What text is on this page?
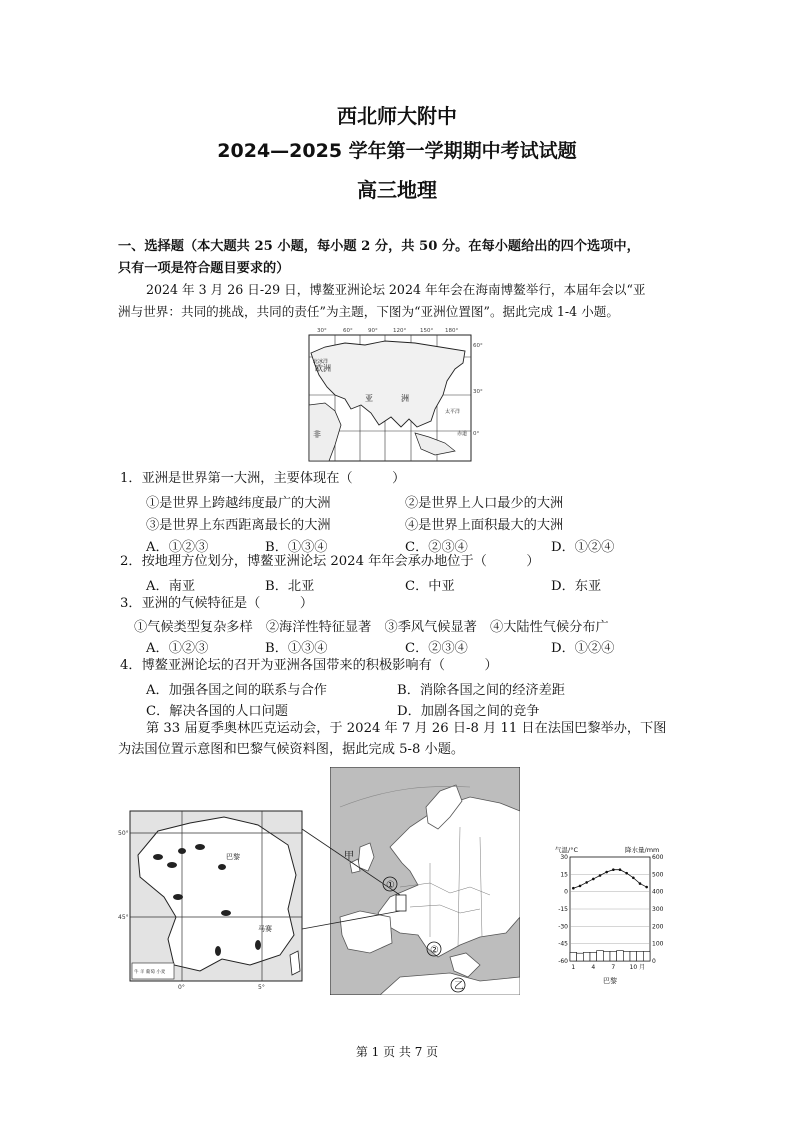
西北师大附中
2024—2025 学年第一学期期中考试试题
高三地理
一、选择题（本大题共 25 小题，每小题 2 分，共 50 分。在每小题给出的四个选项中，
只有一项是符合题目要求的）
2024 年 3 月 26 日-29 日，博鳌亚洲论坛 2024 年年会在海南博鳌举行，本届年会以“亚
洲与世界：共同的挑战，共同的责任”为主题，下图为“亚洲位置图”。据此完成 1-4 小题。
30°	60°	90°	120°	150° 180°
60°
30°
0°
欧洲
亚	洲
非
北冰洋
太平洋
赤道
1．亚洲是世界第一大洲，主要体现在（　　　）
①是世界上跨越纬度最广的大洲	②是世界上人口最少的大洲
③是世界上东西距离最长的大洲	④是世界上面积最大的大洲
A．①②③	B．①③④	C．②③④	D．①②④
2．按地理方位划分，博鳌亚洲论坛 2024 年年会承办地位于（　　　）
A．南亚	B．北亚	C．中亚	D．东亚
3．亚洲的气候特征是（　　　）
①气候类型复杂多样　②海洋性特征显著　③季风气候显著　④大陆性气候分布广
A．①②③	B．①③④	C．②③④	D．①②④
4．博鳌亚洲论坛的召开为亚洲各国带来的积极影响有（　　　）
A．加强各国之间的联系与合作	B．消除各国之间的经济差距
C．解决各国的人口问题	D．加剧各国之间的竞争
第 33 届夏季奥林匹克运动会，于 2024 年 7 月 26 日-8 月 11 日在法国巴黎举办，下图
为法国位置示意图和巴黎气候资料图，据此完成 5-8 小题。
50°
45°
0°	5°
巴黎
马赛
牛 羊 葡萄 小麦
甲
①
②
乙
气温/°C	降水量/mm
30
15
0
-15
-30
-45
-60
600
500
400
300
200
100
0
1	4	7 10 月
巴黎
第 1 页 共 7 页
